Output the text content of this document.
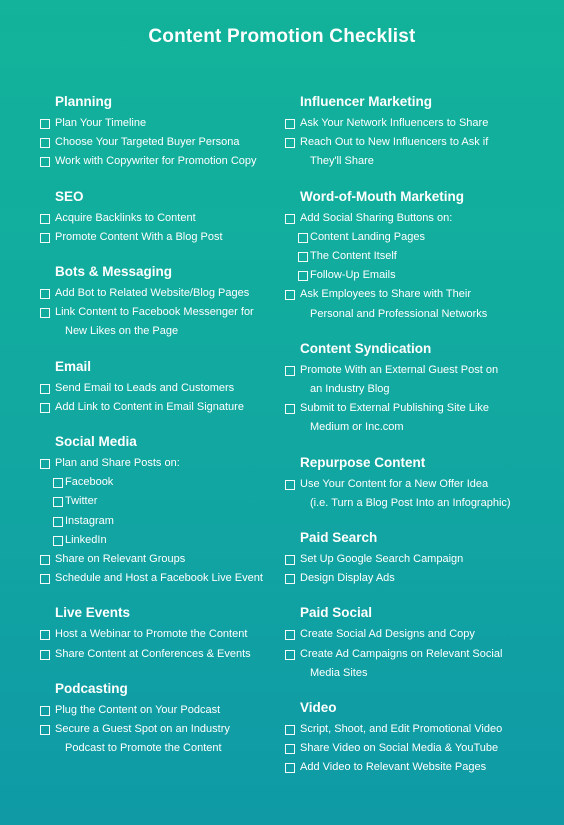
Content Promotion Checklist
Planning
Plan Your Timeline
Choose Your Targeted Buyer Persona
Work with Copywriter for Promotion Copy
SEO
Acquire Backlinks to Content
Promote Content With a Blog Post
Bots & Messaging
Add Bot to Related Website/Blog Pages
Link Content to Facebook Messenger for
New Likes on the Page
Email
Send Email to Leads and Customers
Add Link to Content in Email Signature
Social Media
Plan and Share Posts on:
Facebook
Twitter
Instagram
LinkedIn
Share on Relevant Groups
Schedule and Host a Facebook Live Event
Live Events
Host a Webinar to Promote the Content
Share Content at Conferences & Events
Podcasting
Plug the Content on Your Podcast
Secure a Guest Spot on an Industry
Podcast to Promote the Content
Influencer Marketing
Ask Your Network Influencers to Share
Reach Out to New Influencers to Ask if
They'll Share
Word-of-Mouth Marketing
Add Social Sharing Buttons on:
Content Landing Pages
The Content Itself
Follow-Up Emails
Ask Employees to Share with Their
Personal and Professional Networks
Content Syndication
Promote With an External Guest Post on
an Industry Blog
Submit to External Publishing Site Like
Medium or Inc.com
Repurpose Content
Use Your Content for a New Offer Idea
(i.e. Turn a Blog Post Into an Infographic)
Paid Search
Set Up Google Search Campaign
Design Display Ads
Paid Social
Create Social Ad Designs and Copy
Create Ad Campaigns on Relevant Social
Media Sites
Video
Script, Shoot, and Edit Promotional Video
Share Video on Social Media & YouTube
Add Video to Relevant Website Pages
